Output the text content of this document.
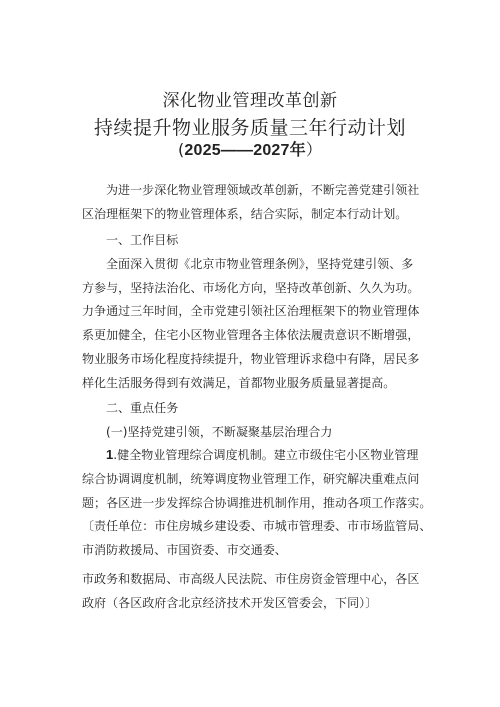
深化物业管理改革创新
持续提升物业服务质量三年行动计划
(2025——2027年）
为进一步深化物业管理领域改革创新，不断完善党建引领社
区治理框架下的物业管理体系，结合实际，制定本行动计划。
一、工作目标
全面深入贯彻《北京市物业管理条例》，坚持党建引领、多
方参与，坚持法治化、市场化方向，坚持改革创新、久久为功。
力争通过三年时间，全市党建引领社区治理框架下的物业管理体
系更加健全，住宅小区物业管理各主体依法履责意识不断增强，
物业服务市场化程度持续提升，物业管理诉求稳中有降，居民多
样化生活服务得到有效满足，首都物业服务质量显著提高。
二、重点任务
(一)坚持党建引领，不断凝聚基层治理合力
1.健全物业管理综合调度机制。建立市级住宅小区物业管理
综合协调调度机制，统筹调度物业管理工作，研究解决重难点问
题；各区进一步发挥综合协调推进机制作用，推动各项工作落实。
〔责任单位：市住房城乡建设委、市城市管理委、市市场监管局、
市消防救援局、市国资委、市交通委、
市政务和数据局、市高级人民法院、市住房资金管理中心，各区
政府（各区政府含北京经济技术开发区管委会，下同）〕
